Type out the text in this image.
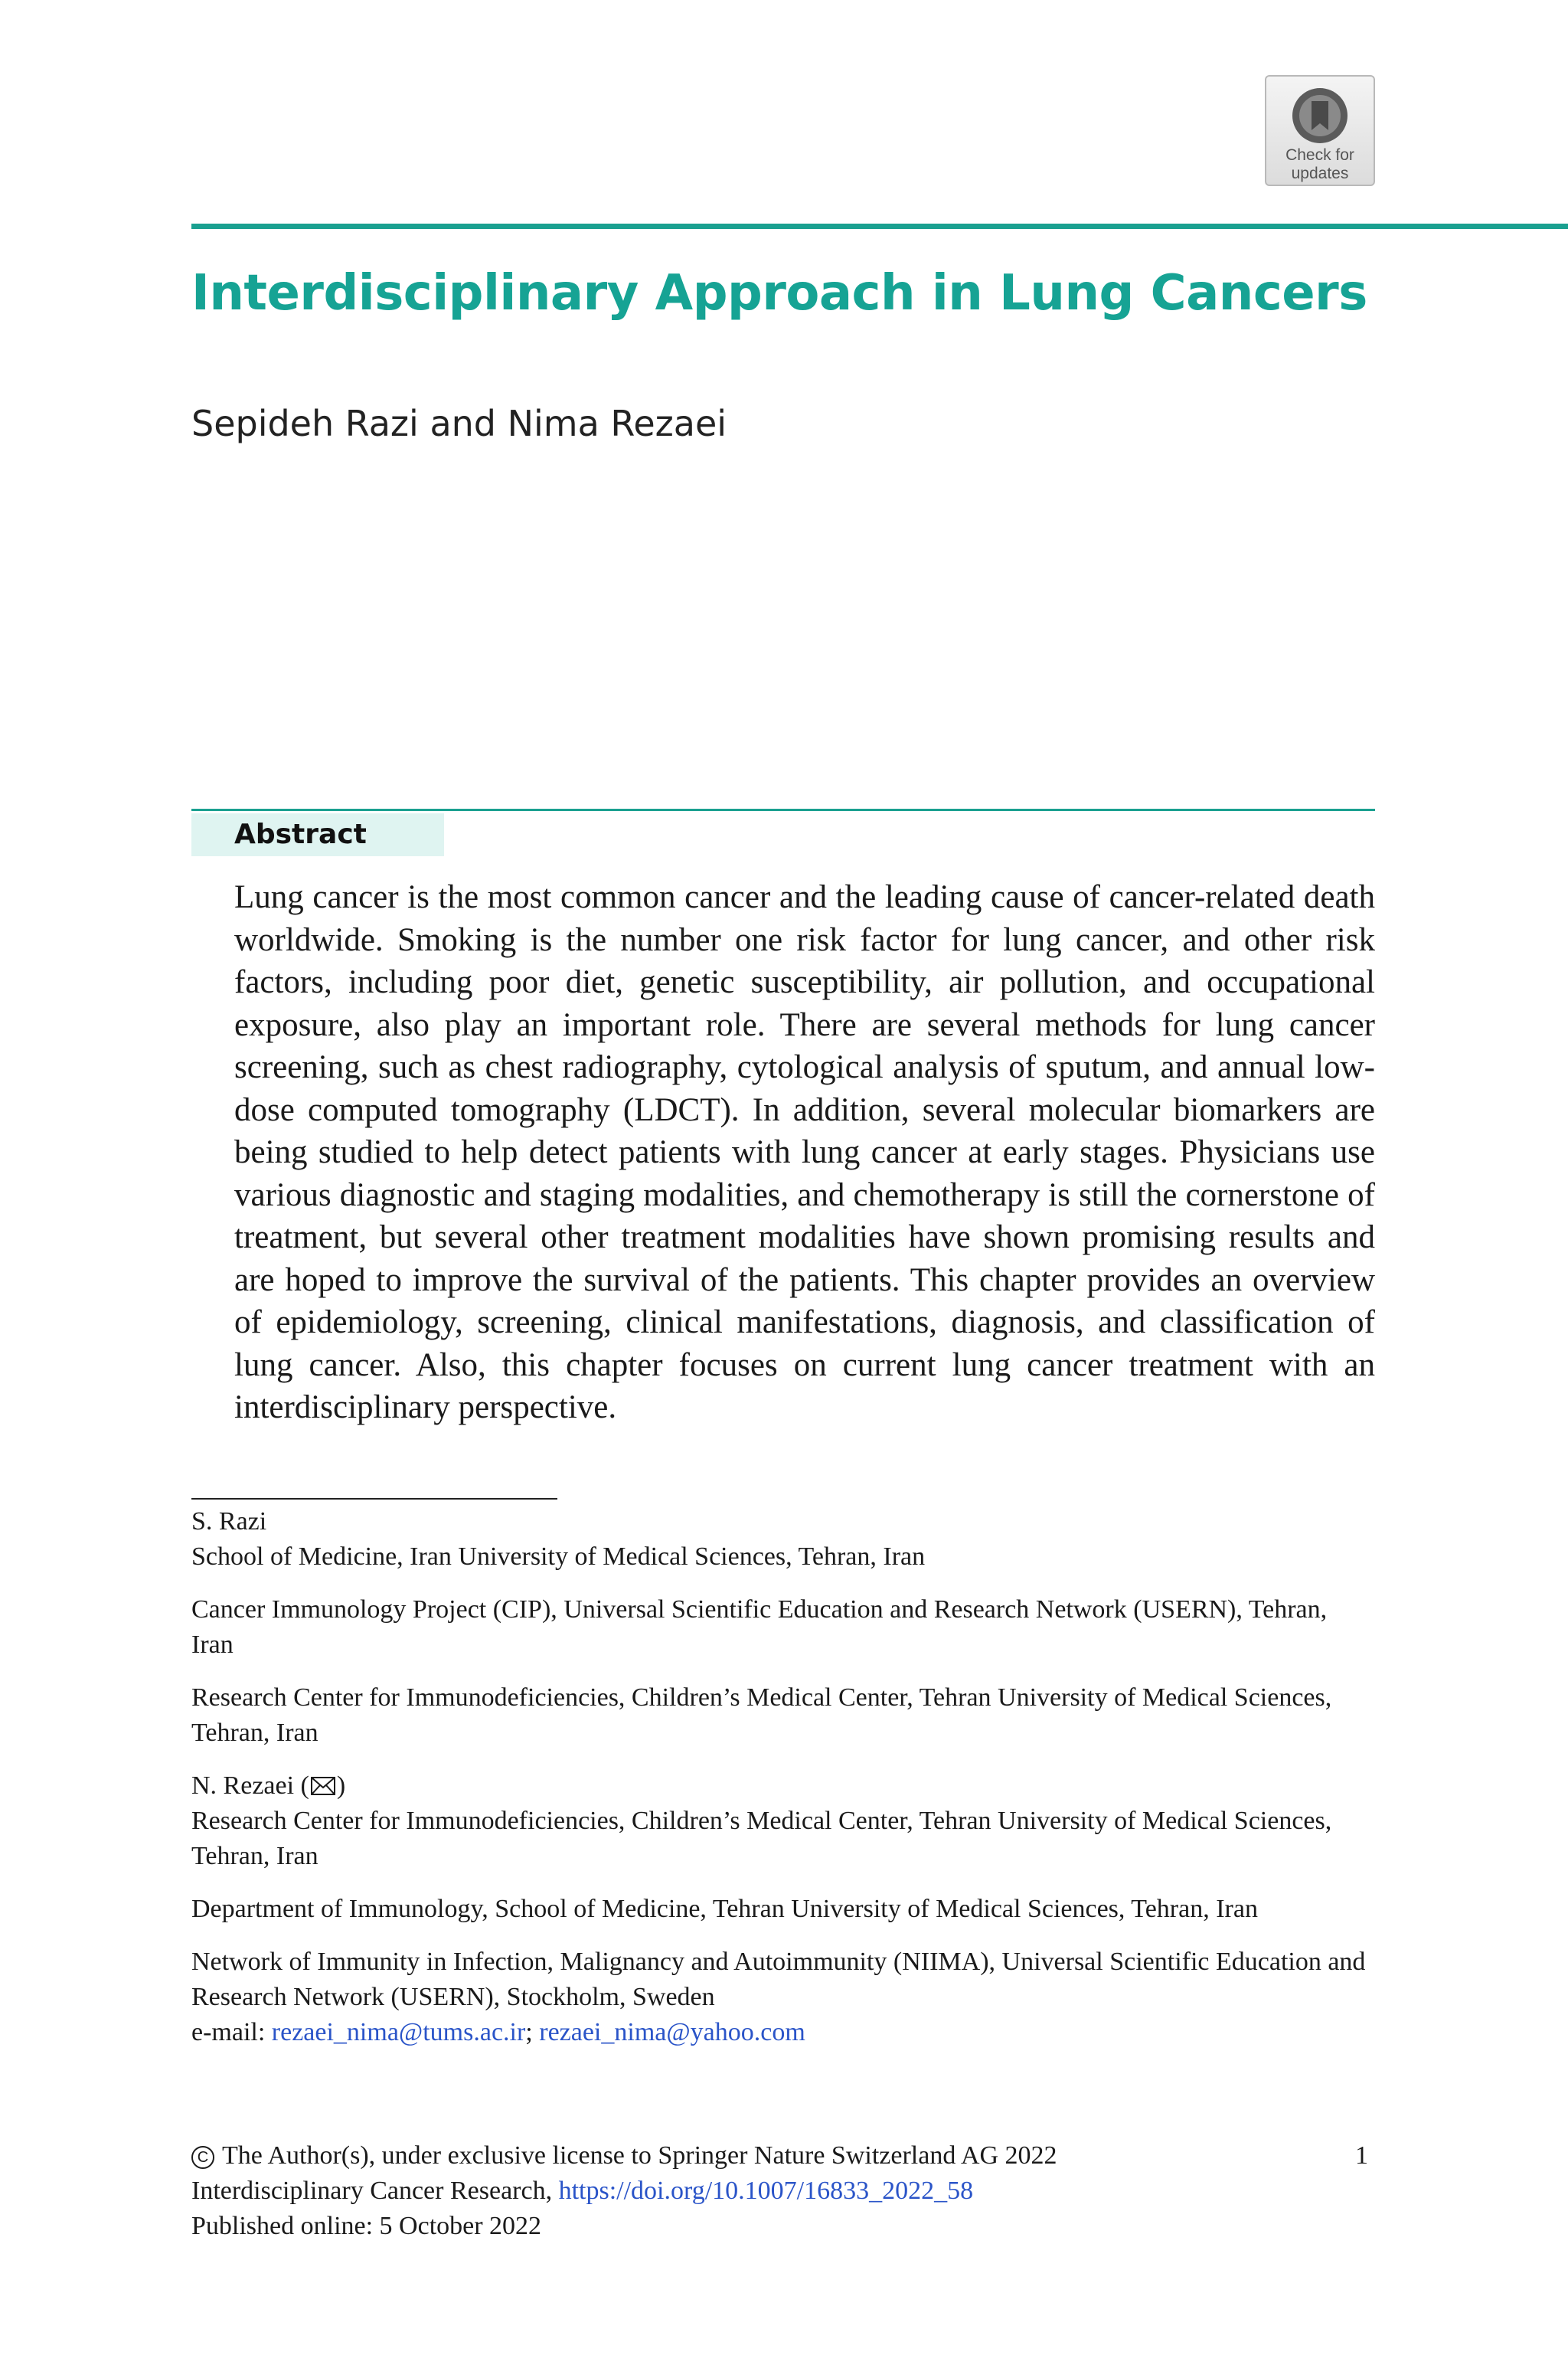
Check for
updates
Interdisciplinary Approach in Lung Cancers

Sepideh Razi and Nima Rezaei

Abstract

Lung cancer is the most common cancer and the leading cause of cancer-related death worldwide. Smoking is the number one risk factor for lung cancer, and other risk factors, including poor diet, genetic susceptibility, air pollution, and occupational exposure, also play an important role. There are several methods for lung cancer screening, such as chest radiography, cytological analysis of sputum, and annual low-dose computed tomography (LDCT). In addition, several molecular biomarkers are being studied to help detect patients with lung cancer at early stages. Physicians use various diagnostic and staging modalities, and chemotherapy is still the cornerstone of treatment, but several other treatment modalities have shown promising results and are hoped to improve the survival of the patients. This chapter provides an overview of epidemiology, screening, clinical manifestations, diagnosis, and classification of lung cancer. Also, this chapter focuses on current lung cancer treatment with an interdisciplinary perspective.

S. Razi

School of Medicine, Iran University of Medical Sciences, Tehran, Iran

Cancer Immunology Project (CIP), Universal Scientific Education and Research Network (USERN), Tehran, Iran

Research Center for Immunodeficiencies, Children’s Medical Center, Tehran University of Medical Sciences, Tehran, Iran

N. Rezaei ( )

Research Center for Immunodeficiencies, Children’s Medical Center, Tehran University of Medical Sciences, Tehran, Iran

Department of Immunology, School of Medicine, Tehran University of Medical Sciences, Tehran, Iran

Network of Immunity in Infection, Malignancy and Autoimmunity (NIIMA), Universal Scientific Education and Research Network (USERN), Stockholm, Sweden

e-mail: rezaei_nima@tums.ac.ir; rezaei_nima@yahoo.com

C The Author(s), under exclusive license to Springer Nature Switzerland AG 2022
Interdisciplinary Cancer Research, https://doi.org/10.1007/16833_2022_58
Published online: 5 October 2022
1
